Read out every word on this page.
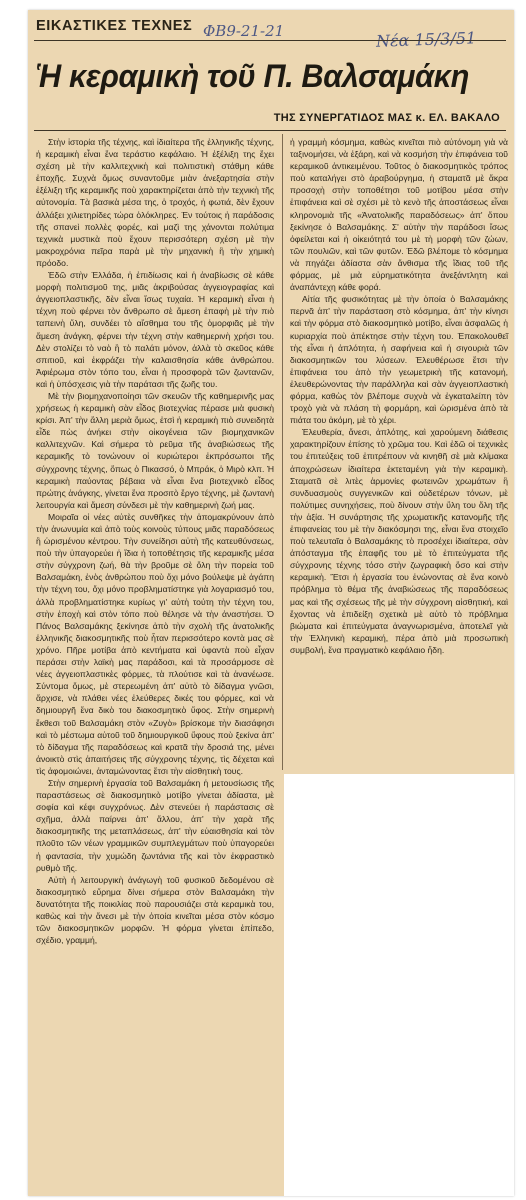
ΕΙΚΑΣΤΙΚΕΣ ΤΕΧΝΕΣ ΦΒ9-21-21	Νέα 15/3/51
Ἡ κεραμικὴ τοῦ Π. Βαλσαμάκη
ΤΗΣ ΣΥΝΕΡΓΑΤΙΔΟΣ ΜΑΣ κ. ΕΛ. ΒΑΚΑΛΟ

Στὴν ἱστορία τῆς τέχνης, καὶ ἰδιαίτερα τῆς ἑλληνικῆς τέχνης, ἡ κεραμικὴ εἶναι ἕνα τεράστιο κεφάλαιο. Ἡ ἐξέλιξη της ἔχει σχέση μὲ τὴν καλλιτεχνικὴ καὶ πολιτιστικὴ στάθμη κάθε ἐποχῆς. Συχνὰ ὅμως συναντοῦμε μιὰν ἀνεξαρτησία στὴν ἐξέλιξη τῆς κεραμικῆς ποὺ χαρακτηρίζεται ἀπὸ τὴν τεχνικὴ τῆς αὐτονομία. Τὰ βασικὰ μέσα της, ὁ τροχός, ἡ φωτιά, δὲν ἔχουν ἀλλάξει χιλιετηρίδες τώρα ὁλόκληρες. Ἐν τούτοις ἡ παράδοσις τῆς σπανεὶ πολλὲς φορές, καὶ μαζὶ της χάνονται πολύτιμα τεχνικὰ μυστικὰ ποὺ ἔχουν περισσότερη σχέση μὲ τὴν μακροχρόνια πεῖρα παρὰ μὲ τὴν μηχανικὴ ἢ τὴν χημικὴ πρόοδο.

Ἐδῶ στὴν Ἑλλάδα, ἡ ἐπιδίωσις καὶ ἡ ἀναβίωσις σὲ κάθε μορφὴ πολιτισμοῦ της, μιᾶς ἀκριβούσας ἀγγειογραφίας καὶ ἀγγειοπλαστικῆς, δὲν εἶναι ἴσως τυχαία. Ἡ κεραμικὴ εἶναι ἡ τέχνη ποὺ φέρνει τὸν ἄνθρωπο σὲ ἄμεση ἐπαφὴ μὲ τὴν πιὸ ταπεινὴ ὕλη, συνδέει τὸ αἴσθημα του τῆς ὁμορφιᾶς μὲ τὴν ἄμεση ἀνάγκη, φέρνει τὴν τέχνη στὴν καθημερινὴ χρήσι του. Δὲν στολίζει τὸ ναὸ ἢ τὸ παλάτι μόνον, ἀλλὰ τὸ σκεῦος κάθε σπιτιοῦ, καὶ ἐκφράζει τὴν καλαισθησία κάθε ἀνθρώπου. Ἀφιέρωμα στὸν τόπο του, εἶναι ἡ προσφορὰ τῶν ζωντανῶν, καὶ ἡ ὑπόσχεσις γιὰ τὴν παράτασι τῆς ζωῆς του.

Μὲ τὴν βιομηχανοποίησι τῶν σκευῶν τῆς καθημερινῆς μας χρήσεως ἡ κεραμικὴ σὰν εἶδος βιοτεχνίας πέρασε μιὰ φυσικὴ κρίσι. Ἀπ' τὴν ἄλλη μεριὰ ὅμως, ἐτσὶ ἡ κεραμικὴ πιὸ συνειδητὰ εἶδε πὼς ἀνήκει στὴν οἰκογένεια τῶν βιομηχανικῶν καλλιτεχνῶν. Καὶ σήμερα τὸ ρεῦμα τῆς ἀναβιώσεως τῆς κεραμικῆς τὸ τονώνουν οἱ κυριώτεροι ἐκπρόσωποι τῆς σύγχρονης τέχνης, ὅπως ὁ Πικασσό, ὁ Μπράκ, ὁ Μιρὸ κλπ. Ἡ κεραμικὴ παύοντας βέβαια νὰ εἶναι ἕνα βιοτεχνικὸ εἶδος πρώτης ἀνάγκης, γίνεται ἕνα προσιτὸ ἔργο τέχνης, μὲ ζωντανὴ λειτουργία καὶ ἄμεση σύνδεσι μὲ τὴν καθημερινὴ ζωή μας.

Μοιραῖα οἱ νέες αὐτὲς συνθῆκες τὴν ἀπομακρύνουν ἀπὸ τὴν ἀνωνυμία καὶ ἀπὸ τοὺς κοινοὺς τύπους μιᾶς παραδόσεως ἢ ὡρισμένου κέντρου. Τὴν συνείδησι αὐτὴ τῆς κατευθύνσεως, ποὺ τὴν ὑπαγορεύει ἡ ἴδια ἡ τοποθέτησις τῆς κεραμικῆς μέσα στὴν σύγχρονη ζωή, θὰ τὴν βροῦμε σὲ ὅλη τὴν πορεία τοῦ Βαλσαμάκη, ἑνὸς ἀνθρώπου ποὺ ὄχι μόνο βούλεψε μὲ ἀγάπη τὴν τέχνη του, ὄχι μόνο προβληματίστηκε γιὰ λογαριασμό του, ἀλλὰ προβληματίστηκε κυρίως γι' αὐτὴ τούτη τὴν τέχνη του, στὴν ἐποχὴ καὶ στὸν τόπο ποὺ θέλησε νὰ τὴν ἀναστήσει. Ὁ Πάνος Βαλσαμάκης ξεκίνησε ἀπὸ τὴν σχολὴ τῆς ἀνατολικῆς ἑλληνικῆς διακοσμητικῆς ποὺ ἦταν περισσότερο κοντὰ μας σὲ χρόνο. Πῆρε μοτίβα ἀπὸ κεντήματα καὶ ὑφαντὰ ποὺ εἶχαν περάσει στὴν λαϊκὴ μας παράδοσι, καὶ τὰ προσάρμοσε σὲ νέες ἀγγειοπλαστικὲς φόρμες, τὰ πλούτισε καὶ τὰ ἀνανέωσε. Σύντομα ὅμως, μὲ στερεωμένη ἀπ' αὐτὸ τὸ δίδαγμα γνῶσι, ἄρχισε, νὰ πλάθει νέες ἐλεύθερες δικές του φόρμες, καὶ νὰ δημιουργῆ ἕνα δικὸ του διακοσμητικὸ ὕφος. Στὴν σημερινὴ ἔκθεσι τοῦ Βαλσαμάκη στὸν «Ζυγὸ» βρίσκομε τὴν διασάφησι καὶ τὸ μέστωμα αὐτοῦ τοῦ δημιουργικοῦ ὕφους ποὺ ξεκίνα ἀπ' τὸ δίδαγμα τῆς παραδόσεως καὶ κρατᾶ τὴν δροσιά της, μένει ἀνοικτὸ στὶς ἀπαιτήσεις τῆς σύγχρονης τέχνης, τὶς δέχεται καὶ τὶς ἀφομοιώνει, ἀνταμώνοντας ἔτσι τὴν αἰσθητικὴ τους.

Στὴν σημερινὴ ἐργασία τοῦ Βαλσαμάκη ἡ μετουσίωσις τῆς παραστάσεως σὲ διακοσμητικὸ μοτίβο γίνεται ἀδίαστα, μὲ σοφία καὶ κέφι συγχρόνως. Δὲν στενεύει ἡ παράστασις σὲ σχῆμα, ἀλλὰ παίρνει ἀπ' ἄλλου, ἀπ' τὴν χαρὰ τῆς διακοσμητικῆς της μεταπλάσεως, ἀπ' τὴν εὐαισθησία καὶ τὸν πλοῦτο τῶν νέων γραμμικῶν συμπλεγμάτων ποὺ ὑπαγορεύει ἡ φαντασία, τὴν χυμώδη ζωντάνια τῆς καὶ τὸν ἐκφραστικὸ ρυθμὸ τῆς.

Αὐτὴ ἡ λειτουργικὴ ἀνάγωγὴ τοῦ φυσικοῦ δεδομένου σὲ διακοσμητικὸ εὕρημα δίνει σήμερα στὸν Βαλσαμάκη τὴν δυνατότητα τῆς ποικιλίας ποὺ παρουσιάζει στὰ κεραμικὰ του, καθὼς καὶ τὴν ἄνεσι μὲ τὴν ὁποία κινεῖται μέσα στὸν κόσμο τῶν διακοσμητικῶν μορφῶν. Ἡ φόρμα γίνεται ἐπίπεδο, σχέδιο, γραμμή,

ἡ γραμμὴ κόσμημα, καθὼς κινεῖται πιὸ αὐτόνομη γιὰ νὰ ταξινομήσει, νὰ ἐξάρη, καὶ νὰ κοσμήση τὴν ἐπιφάνεια τοῦ κεραμικοῦ ἀντικειμένου. Τοῦτος ὁ διακοσμητικὸς τρόπος ποὺ καταλήγει στὸ ἀραβούργημα, ἡ σταματᾶ μὲ ἄκρα προσοχὴ στὴν τοποθέτησι τοῦ μοτίβου μέσα στὴν ἐπιφάνεια καὶ σὲ σχέσι μὲ τὸ κενὸ τῆς ἀποστάσεως εἶναι κληρονομιὰ τῆς «Ἀνατολικῆς παραδόσεως» ἀπ' ὅπου ξεκίνησε ὁ Βαλσαμάκης. Σ' αὐτὴν τὴν παράδοσι ἴσως ὀφείλεται καὶ ἡ οἰκειότητά του μὲ τὴ μορφὴ τῶν ζώων, τῶν πουλιῶν, καὶ τῶν φυτῶν. Ἐδῶ βλέπομε τὸ κόσμημα νὰ πηγάζει ἀδίαστα σὰν ἄνθισμα τῆς ἴδιας τοῦ τῆς φόρμας, μὲ μιὰ εὐρηματικότητα ἀνεξάντλητη καὶ ἀναπάντεχη κάθε φορά.

Αἰτία τῆς φυσικότητας μὲ τὴν ὁποία ὁ Βαλσαμάκης περνᾶ ἀπ' τὴν παράσταση στὸ κόσμημα, ἀπ' τὴν κίνησι καὶ τὴν φόρμα στὸ διακοσμητικὸ μοτίβο, εἶναι ἀσφαλῶς ἡ κυριαρχία ποὺ ἀπέκτησε στὴν τέχνη του. Ἐπακολουθεῖ τὴς εἶναι ἡ ἀπλότητα, ἡ σαφήνεια καὶ ἡ σιγουριὰ τῶν διακοσμητικῶν του λύσεων. Ἐλευθέρωσε ἔτσι τὴν ἐπιφάνεια του ἀπὸ τὴν γεωμετρικὴ τῆς κατανομή, ἐλευθερώνοντας τὴν παράλληλα καὶ σὰν ἀγγειοπλαστικὴ φόρμα, καθὼς τὸν βλέπομε συχνὰ νὰ ἐγκαταλείπη τὸν τροχὸ γιὰ νὰ πλάση τὴ φορμάρη, καὶ ὡρισμένα ἀπὸ τὰ πιάτα του ἀκόμη, μὲ τὸ χέρι.

Ἐλευθερία, ἄνεσι, ἀπλότης, καὶ χαρούμενη διάθεσις χαρακτηρίζουν ἐπίσης τὸ χρῶμα του. Καὶ ἐδῶ οἱ τεχνικὲς του ἐπιτεύξεις τοῦ ἐπιτρέπουν νὰ κινηθῆ σὲ μιὰ κλίμακα ἀποχρώσεων ἰδιαίτερα ἐκτεταμένη γιὰ τὴν κεραμικὴ. Σταματᾶ σὲ λιτὲς ἁρμονίες φωτεινῶν χρωμάτων ἢ συνδυασμοὺς συγγενικῶν καὶ οὐδετέρων τόνων, μὲ πολύτιμες συνηχήσεις, ποὺ δίνουν στὴν ὕλη του ὅλη τῆς τὴν ἀξία. Ἡ συνάρτησις τῆς χρωματικῆς κατανομῆς τῆς ἐπιφανείας του μὲ τὴν διακόσμησι της, εἶναι ἕνα στοιχεῖο ποὺ τελευταῖα ὁ Βαλσαμάκης τὸ προσέχει ἰδιαίτερα, σὰν ἀπόσταγμα τῆς ἐπαφῆς του μὲ τὸ ἐπιτεύγματα τῆς σύγχρονης τέχνης τόσο στὴν ζωγραφικὴ ὅσο καὶ στὴν κεραμικὴ. Ἔτσι ἡ ἐργασία του ἑνώνοντας σὲ ἕνα κοινὸ πρόβλημα τὸ θέμα τῆς ἀναβιώσεως τῆς παραδόσεως μας καὶ τῆς σχέσεως τῆς μὲ τὴν σύγχρονη αἰσθητική, καὶ ἔχοντας νὰ ἐπιδείξη σχετικὰ μὲ αὐτὸ τὸ πρόβλημα βιώματα καὶ ἐπιτεύγματα ἀναγνωρισμένα, ἀποτελεῖ γιὰ τὴν Ἑλληνικὴ κεραμική, πέρα ἀπὸ μιὰ προσωπικὴ συμβολή, ἕνα πραγματικὸ κεφάλαιο ἤδη.
